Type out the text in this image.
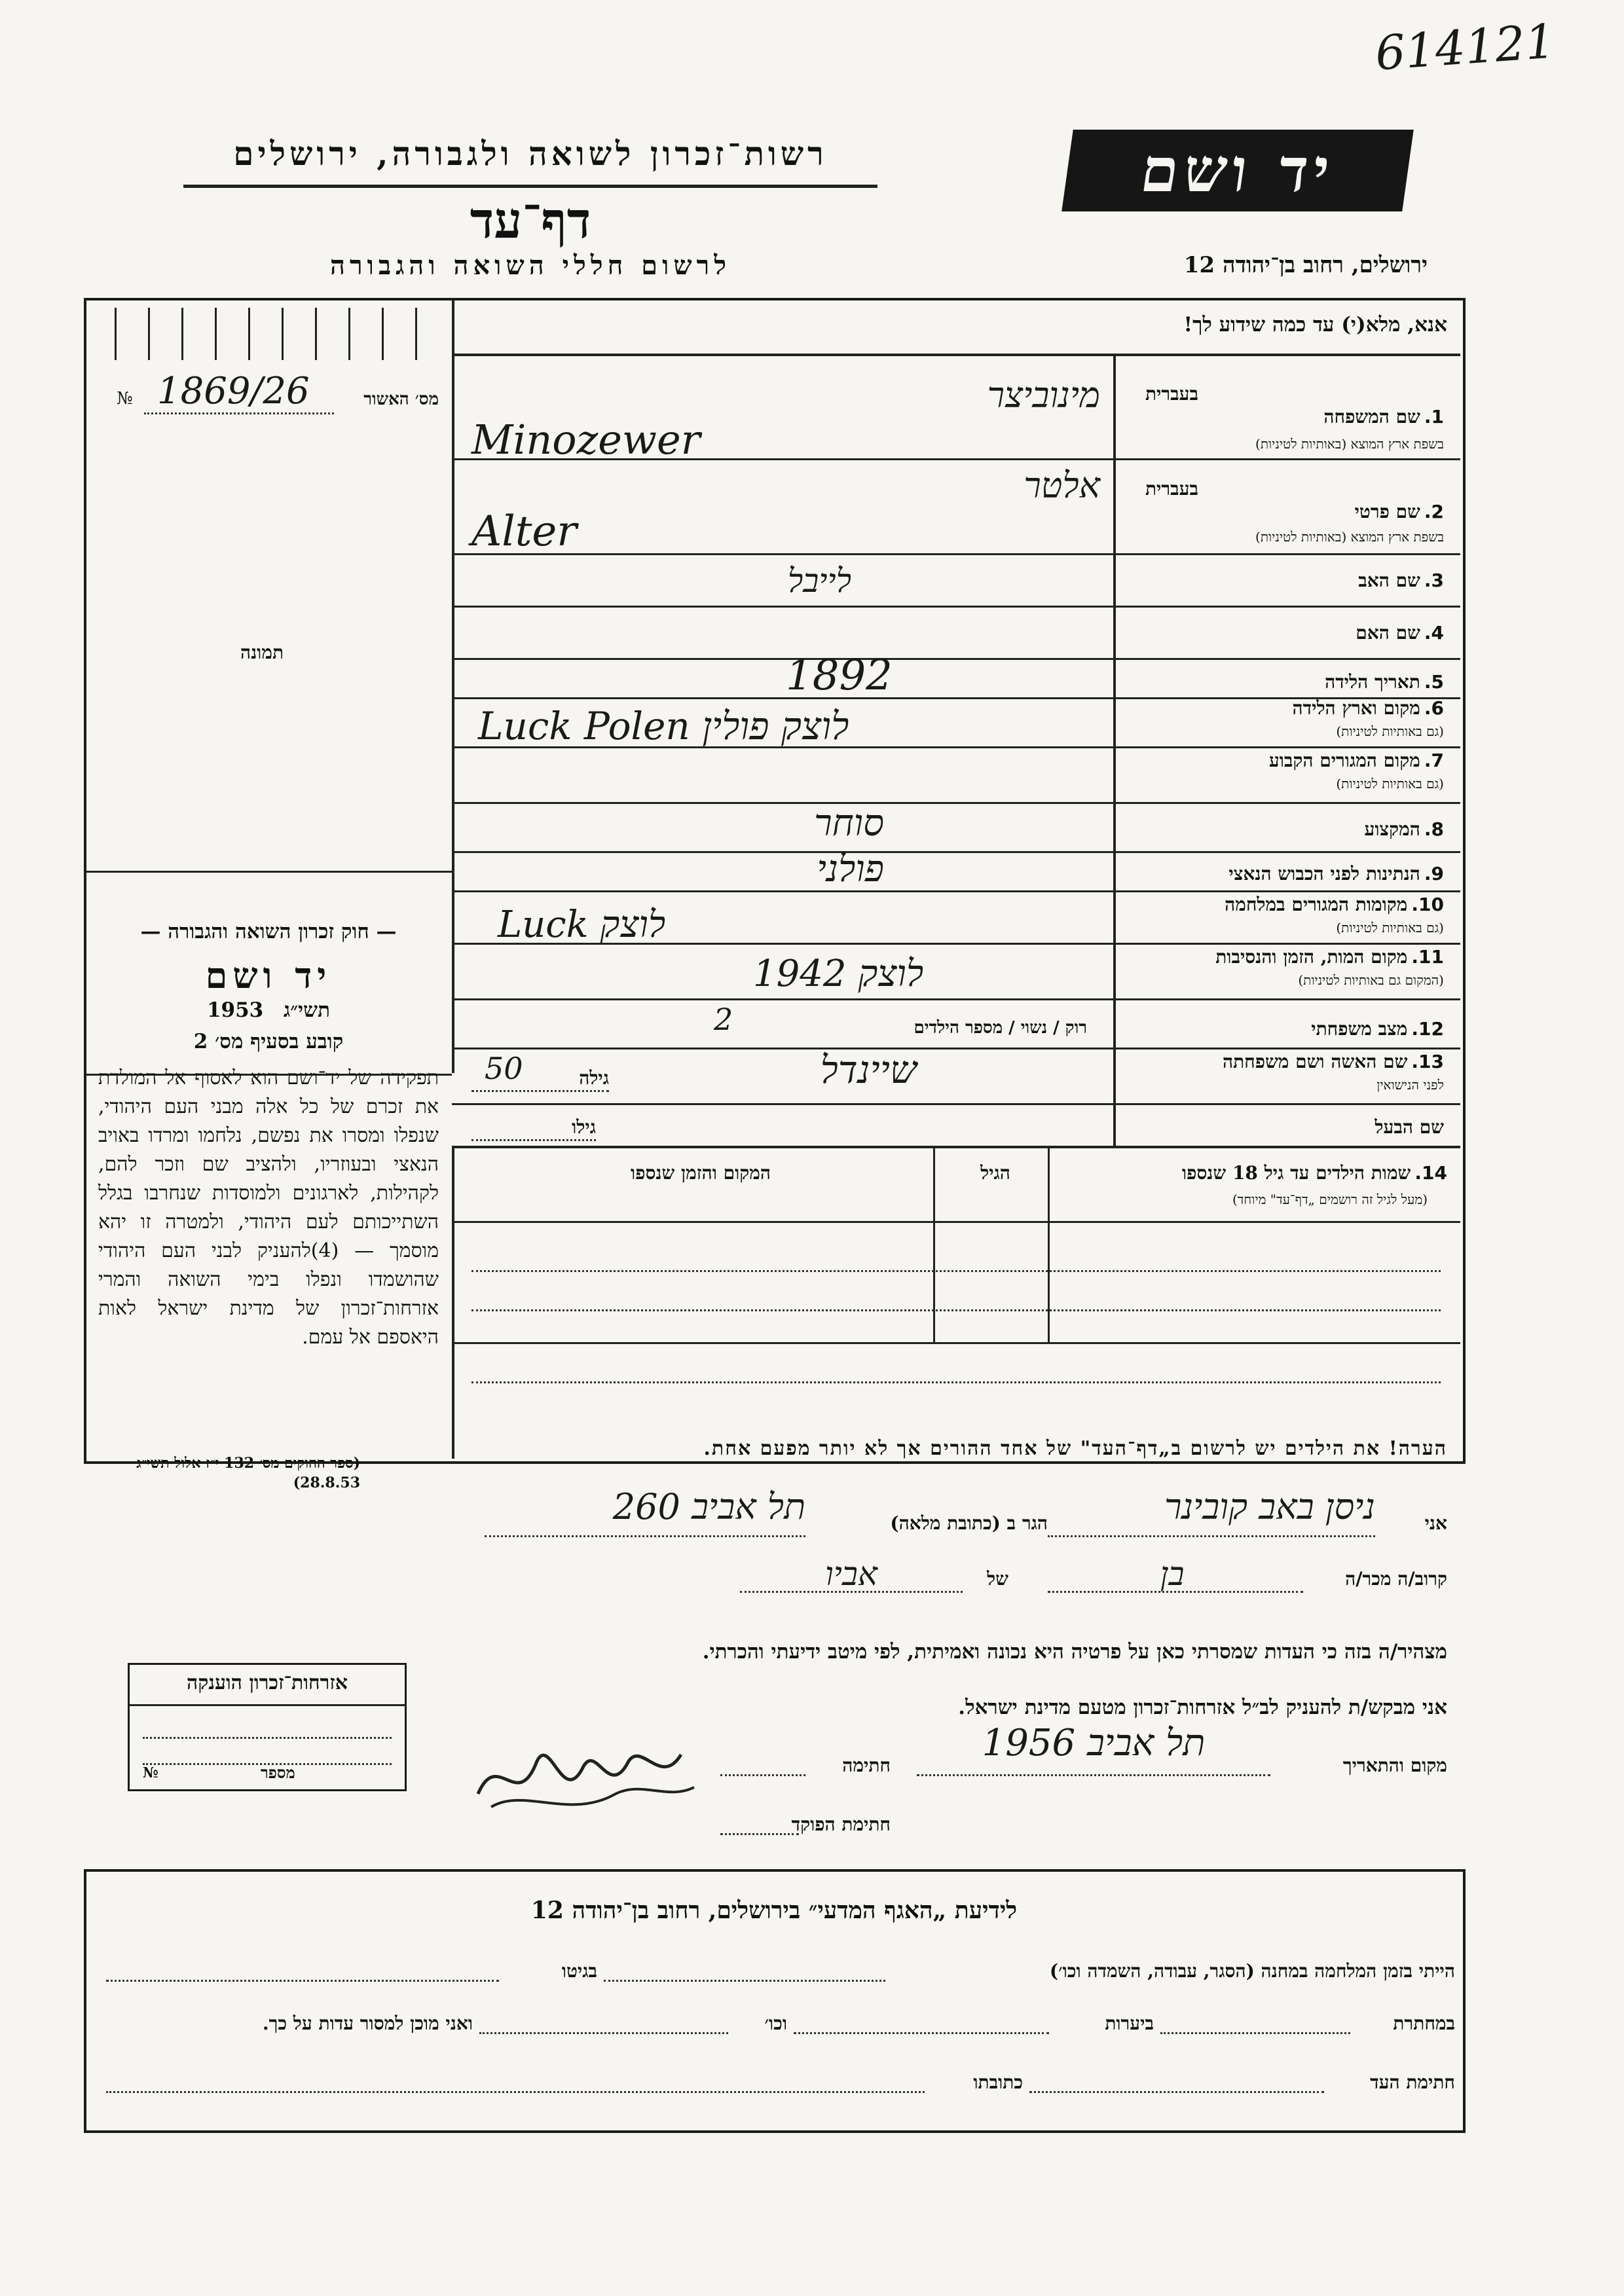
614121
רשות־זכרון לשואה ולגבורה, ירושלים
דף־עד
לרשום חללי השואה והגבורה
יד ושם
ירושלים, רחוב בן־יהודה 12
מס׳ האשור
№ 1869/26
תמונה
— חוק זכרון השואה והגבורה —
יד ושם
1953 תשי״ג
קובע בסעיף מס׳ 2
תפקידה של יד־ושם הוא לאסוף אל המולדת את זכרם של כל אלה מבני העם היהודי, שנפלו ומסרו את נפשם, נלחמו ומרדו באויב הנאצי ובעוזריו, ולהציב שם וזכר להם, לקהילות, לארגונים ולמוסדות שנחרבו בגלל השתייכותם לעם היהודי, ולמטרה זו יהא מוסמך — (4)להעניק לבני העם היהודי שהושמדו ונפלו בימי השואה והמרי אזרחות־זכרון של מדינת ישראל לאות היאספם אל עמם.
(ספר החוקים מס׳ 132 י״ז אלול תשי״ג 28.8.53)
אנא, מלא(י) עד כמה שידוע לך!
בעברית
בעברית
1.שם המשפחה
בשפת ארץ המוצא (באותיות לטיניות)
מינוביצר
Minozewer
2.שם פרטי
בשפת ארץ המוצא (באותיות לטיניות)
אלטר
Alter
3.שם האב
לייבל
4.שם האם
5.תאריך הלידה
1892
6.מקום וארץ הלידה
(גם באותיות לטיניות)
Luck Polen לוצק פולין
7.מקום המגורים הקבוע
(גם באותיות לטיניות)
8.המקצוע
סוחר
9.הנתינות לפני הכבוש הנאצי
פולני
10.מקומות המגורים במלחמה
(גם באותיות לטיניות)
Luck לוצק
11.מקום המות, הזמן והנסיבות
(המקום גם באותיות לטיניות)
1942 לוצק
12.מצב משפחתי
רוק / נשוי / מספר הילדים
2
13.שם האשה ושם משפחתה
לפני הנישואין
שיינדל
גילה
50
שם הבעל
גילו
14.שמות הילדים עד גיל 18 שנספו
(מעל לגיל זה רושמים „דף־עד" מיוחד)
הגיל
המקום והזמן שנספו
הערה! את הילדים יש לרשום ב„דף־העד" של אחד ההורים אך לא יותר מפעם אחת.
אני
ניסן באב קובינר
הגר ב (כתובת מלאה)
תל אביב 260
קרוב/ה מכר/ה
בן
של
אביו
מצהיר/ה בזה כי העדות שמסרתי כאן על פרטיה היא נכונה ואמיתית, לפי מיטב ידיעתי והכרתי.
אני מבקש/ת להעניק לב״ל אזרחות־זכרון מטעם מדינת ישראל.
מקום והתאריך
תל אביב 1956
חתימה
חתימת הפוקד
אזרחות־זכרון הוענקה
№	מספר
לידיעת „האגף המדעי״ בירושלים, רחוב בן־יהודה 12
הייתי בזמן המלחמה במחנה (הסגר, עבודה, השמדה וכו׳)
בגיטו
במחתרת
ביערות
וכו׳
ואני מוכן למסור עדות על כך.
חתימת העד
כתובתו
